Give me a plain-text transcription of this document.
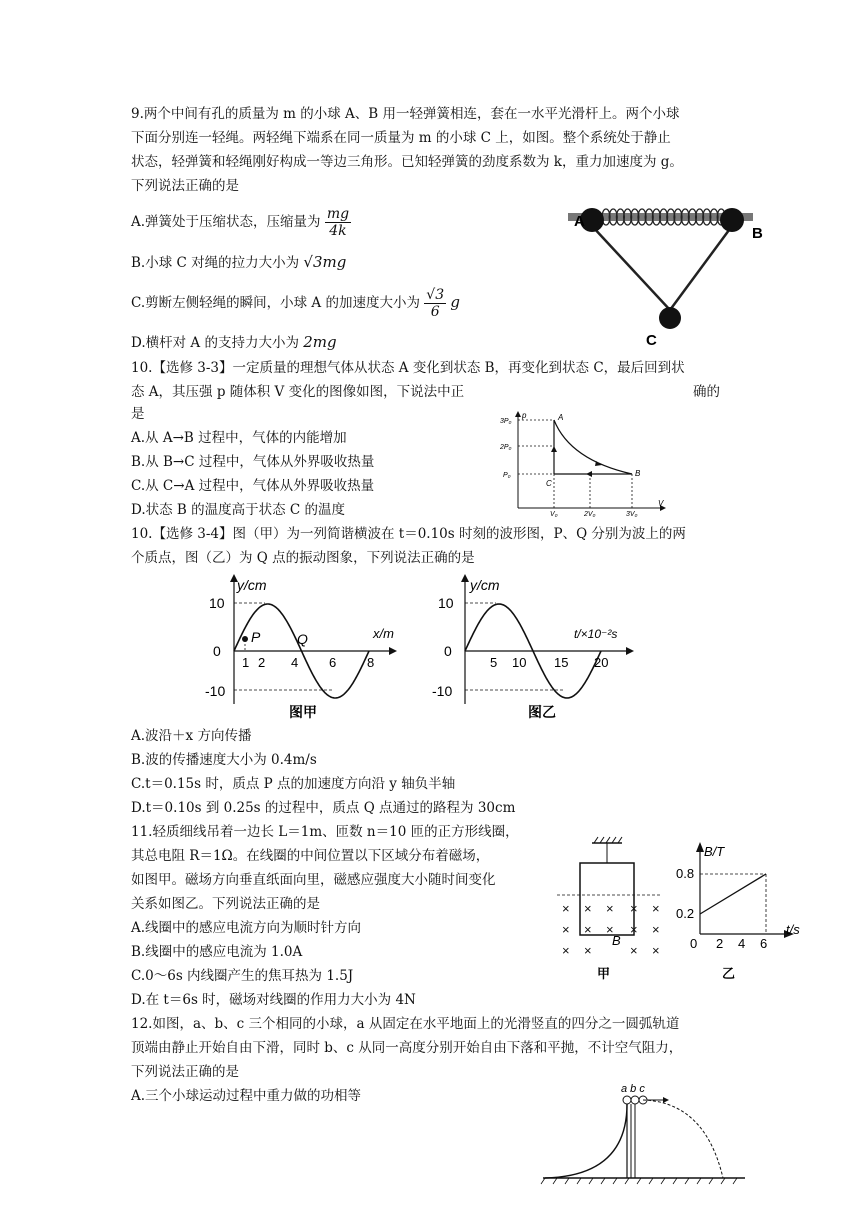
9.两个中间有孔的质量为 m 的小球 A、B 用一轻弹簧相连，套在一水平光滑杆上。两个小球
下面分别连一轻绳。两轻绳下端系在同一质量为 m 的小球 C 上，如图。整个系统处于静止
状态，轻弹簧和轻绳刚好构成一等边三角形。已知轻弹簧的劲度系数为 k，重力加速度为 g。
下列说法正确的是
A.弹簧处于压缩状态，压缩量为 $\frac{mg}{4k}$
B.小球 C 对绳的拉力大小为 √3mg
C.剪断左侧轻绳的瞬间，小球 A 的加速度大小为 $\frac{√3}{6}$ g
D.横杆对 A 的支持力大小为 2mg
A
B
C
10.【选修 3-3】一定质量的理想气体从状态 A 变化到状态 B，再变化到状态 C，最后回到状
态 A，其压强 p 随体积 V 变化的图像如图，下说法中正	确的
是
A.从 A→B 过程中，气体的内能增加
B.从 B→C 过程中，气体从外界吸收热量
C.从 C→A 过程中，气体从外界吸收热量
D.状态 B 的温度高于状态 C 的温度
p
V
3P₀
2P₀
P₀
V₀	2V₀	3V₀
A
B
C
10.【选修 3-4】图（甲）为一列简谐横波在 t＝0.10s 时刻的波形图，P、Q 分别为波上的两
个质点，图（乙）为 Q 点的振动图象，下列说法正确的是
y/cm
x/m
10
-10
0
P	Q
1 2 4 6 8
图甲
y/cm
t/×10⁻²s
10
-10
0
5 10 15 20
图乙
A.波沿＋x 方向传播
B.波的传播速度大小为 0.4m/s
C.t＝0.15s 时，质点 P 点的加速度方向沿 y 轴负半轴
D.t＝0.10s 到 0.25s 的过程中，质点 Q 点通过的路程为 30cm
11.轻质细线吊着一边长 L＝1m、匝数 n＝10 匝的正方形线圈，
其总电阻 R＝1Ω。在线圈的中间位置以下区域分布着磁场，
如图甲。磁场方向垂直纸面向里，磁感应强度大小随时间变化
关系如图乙。下列说法正确的是
A.线圈中的感应电流方向为顺时针方向
B.线圈中的感应电流为 1.0A
C.0～6s 内线圈产生的焦耳热为 1.5J
D.在 t＝6s 时，磁场对线圈的作用力大小为 4N
× × × × ×
× × × × ×
× ×	× ×
B
甲
B/T
t/s
0.8
0.2
0 2 4 6
乙
12.如图，a、b、c 三个相同的小球，a 从固定在水平地面上的光滑竖直的四分之一圆弧轨道
顶端由静止开始自由下滑，同时 b、c 从同一高度分别开始自由下落和平抛，不计空气阻力，
下列说法正确的是
A.三个小球运动过程中重力做的功相等	a b c
